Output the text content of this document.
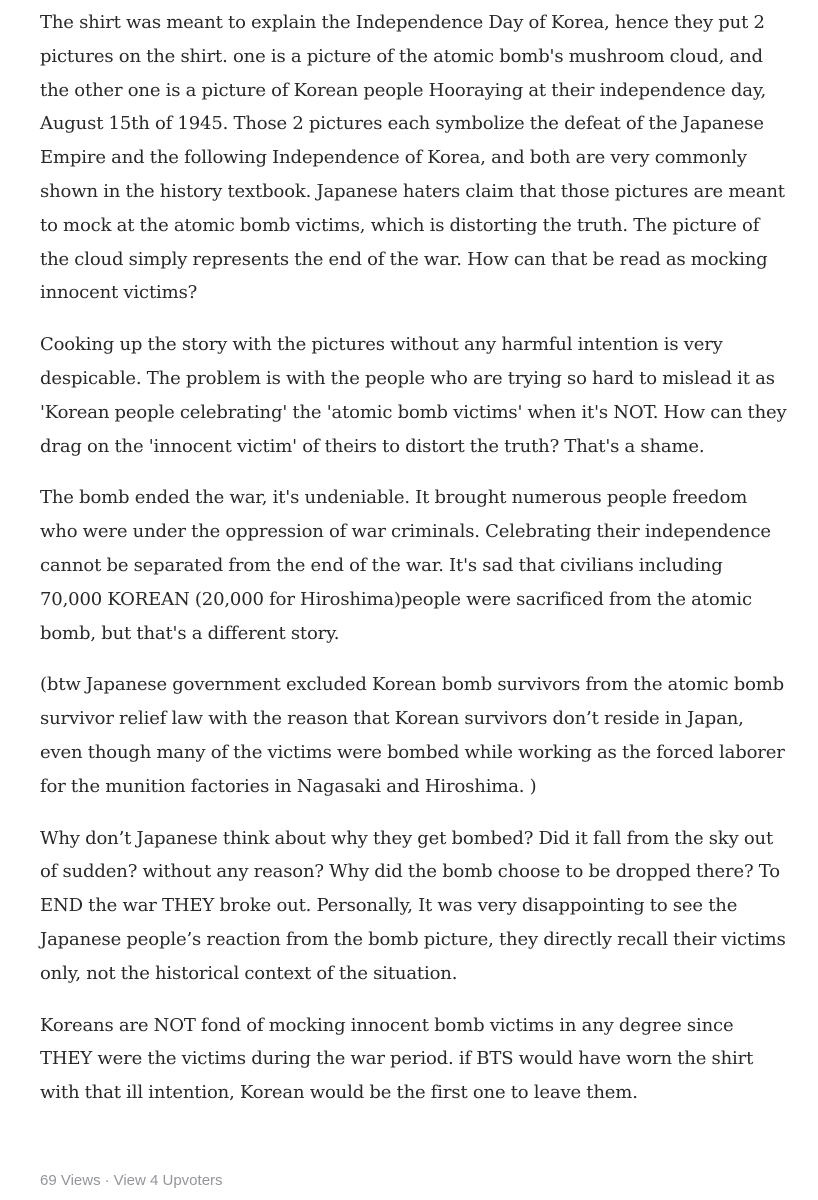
The shirt was meant to explain the Independence Day of Korea, hence they put 2 pictures on the shirt. one is a picture of the atomic bomb's mushroom cloud, and the other one is a picture of Korean people Hooraying at their independence day, August 15th of 1945. Those 2 pictures each symbolize the defeat of the Japanese Empire and the following Independence of Korea, and both are very commonly shown in the history textbook. Japanese haters claim that those pictures are meant to mock at the atomic bomb victims, which is distorting the truth. The picture of the cloud simply represents the end of the war. How can that be read as mocking innocent victims?

Cooking up the story with the pictures without any harmful intention is very despicable. The problem is with the people who are trying so hard to mislead it as 'Korean people celebrating' the 'atomic bomb victims' when it's NOT. How can they drag on the 'innocent victim' of theirs to distort the truth? That's a shame.

The bomb ended the war, it's undeniable. It brought numerous people freedom who were under the oppression of war criminals. Celebrating their independence cannot be separated from the end of the war. It's sad that civilians including 70,000 KOREAN (20,000 for Hiroshima)people were sacrificed from the atomic bomb, but that's a different story.

(btw Japanese government excluded Korean bomb survivors from the atomic bomb survivor relief law with the reason that Korean survivors don’t reside in Japan, even though many of the victims were bombed while working as the forced laborer for the munition factories in Nagasaki and Hiroshima. )

Why don’t Japanese think about why they get bombed? Did it fall from the sky out of sudden? without any reason? Why did the bomb choose to be dropped there? To END the war THEY broke out. Personally, It was very disappointing to see the Japanese people’s reaction from the bomb picture, they directly recall their victims only, not the historical context of the situation.

Koreans are NOT fond of mocking innocent bomb victims in any degree since THEY were the victims during the war period. if BTS would have worn the shirt with that ill intention, Korean would be the first one to leave them.

69 Views · View 4 Upvoters
